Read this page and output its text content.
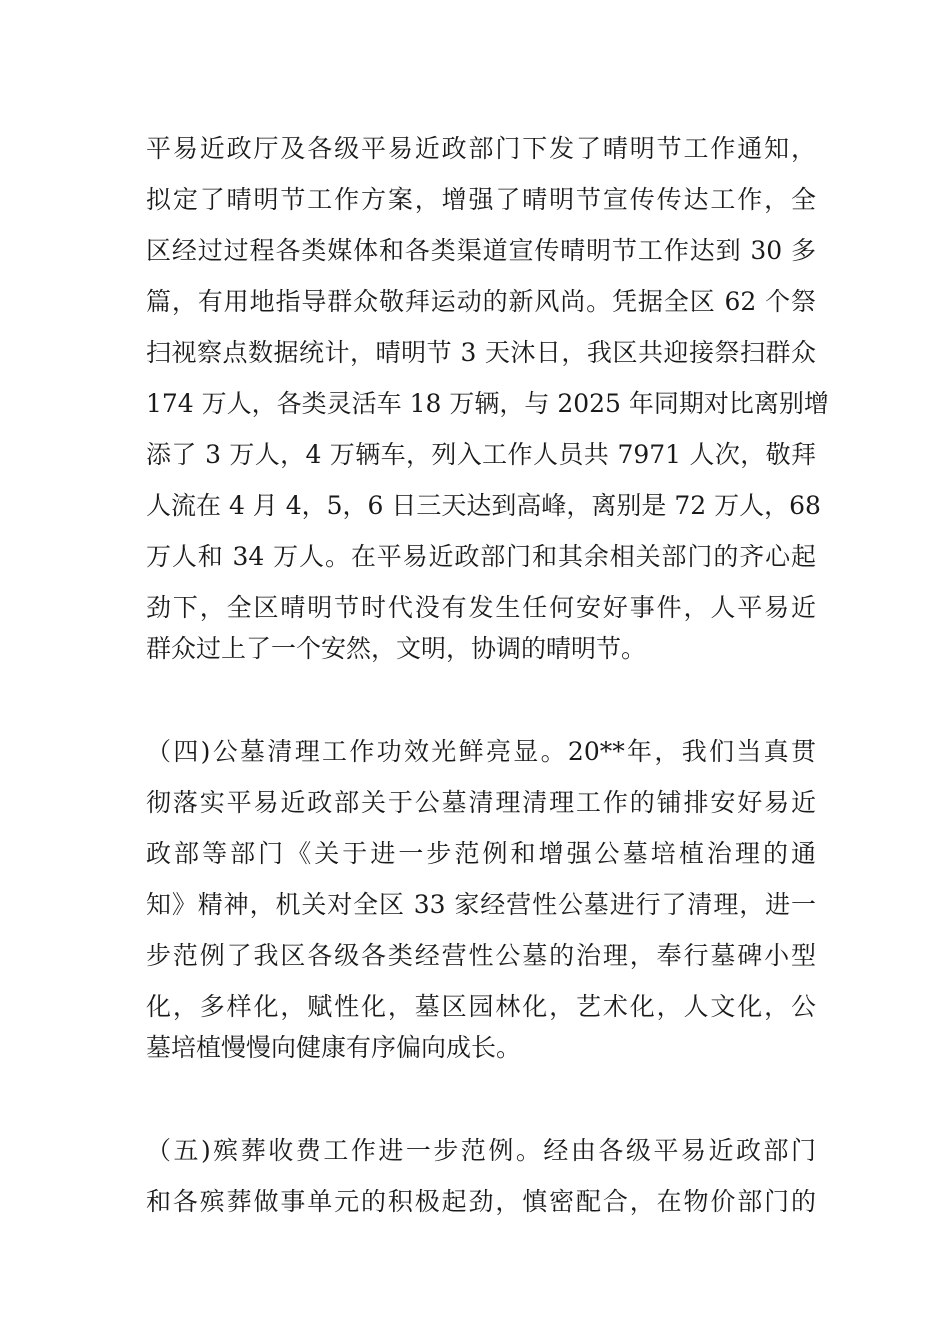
平易近政厅及各级平易近政部门下发了晴明节工作通知，

拟定了晴明节工作方案，增强了晴明节宣传传达工作，全

区经过过程各类媒体和各类渠道宣传晴明节工作达到 30 多

篇，有用地指导群众敬拜运动的新风尚。凭据全区 62 个祭

扫视察点数据统计，晴明节 3 天沐日，我区共迎接祭扫群众

174 万人，各类灵活车 18 万辆，与 2025 年同期对比离别增

添了 3 万人，4 万辆车，列入工作人员共 7971 人次，敬拜

人流在 4 月 4，5，6 日三天达到高峰，离别是 72 万人，68

万人和 34 万人。在平易近政部门和其余相关部门的齐心起

劲下，全区晴明节时代没有发生任何安好事件，人平易近

群众过上了一个安然，文明，协调的晴明节。

（四)公墓清理工作功效光鲜亮显。20**年，我们当真贯

彻落实平易近政部关于公墓清理清理工作的铺排安好易近

政部等部门《关于进一步范例和增强公墓培植治理的通

知》精神，机关对全区 33 家经营性公墓进行了清理，进一

步范例了我区各级各类经营性公墓的治理，奉行墓碑小型

化，多样化，赋性化，墓区园林化，艺术化，人文化，公

墓培植慢慢向健康有序偏向成长。

（五)殡葬收费工作进一步范例。经由各级平易近政部门

和各殡葬做事单元的积极起劲，慎密配合，在物价部门的
